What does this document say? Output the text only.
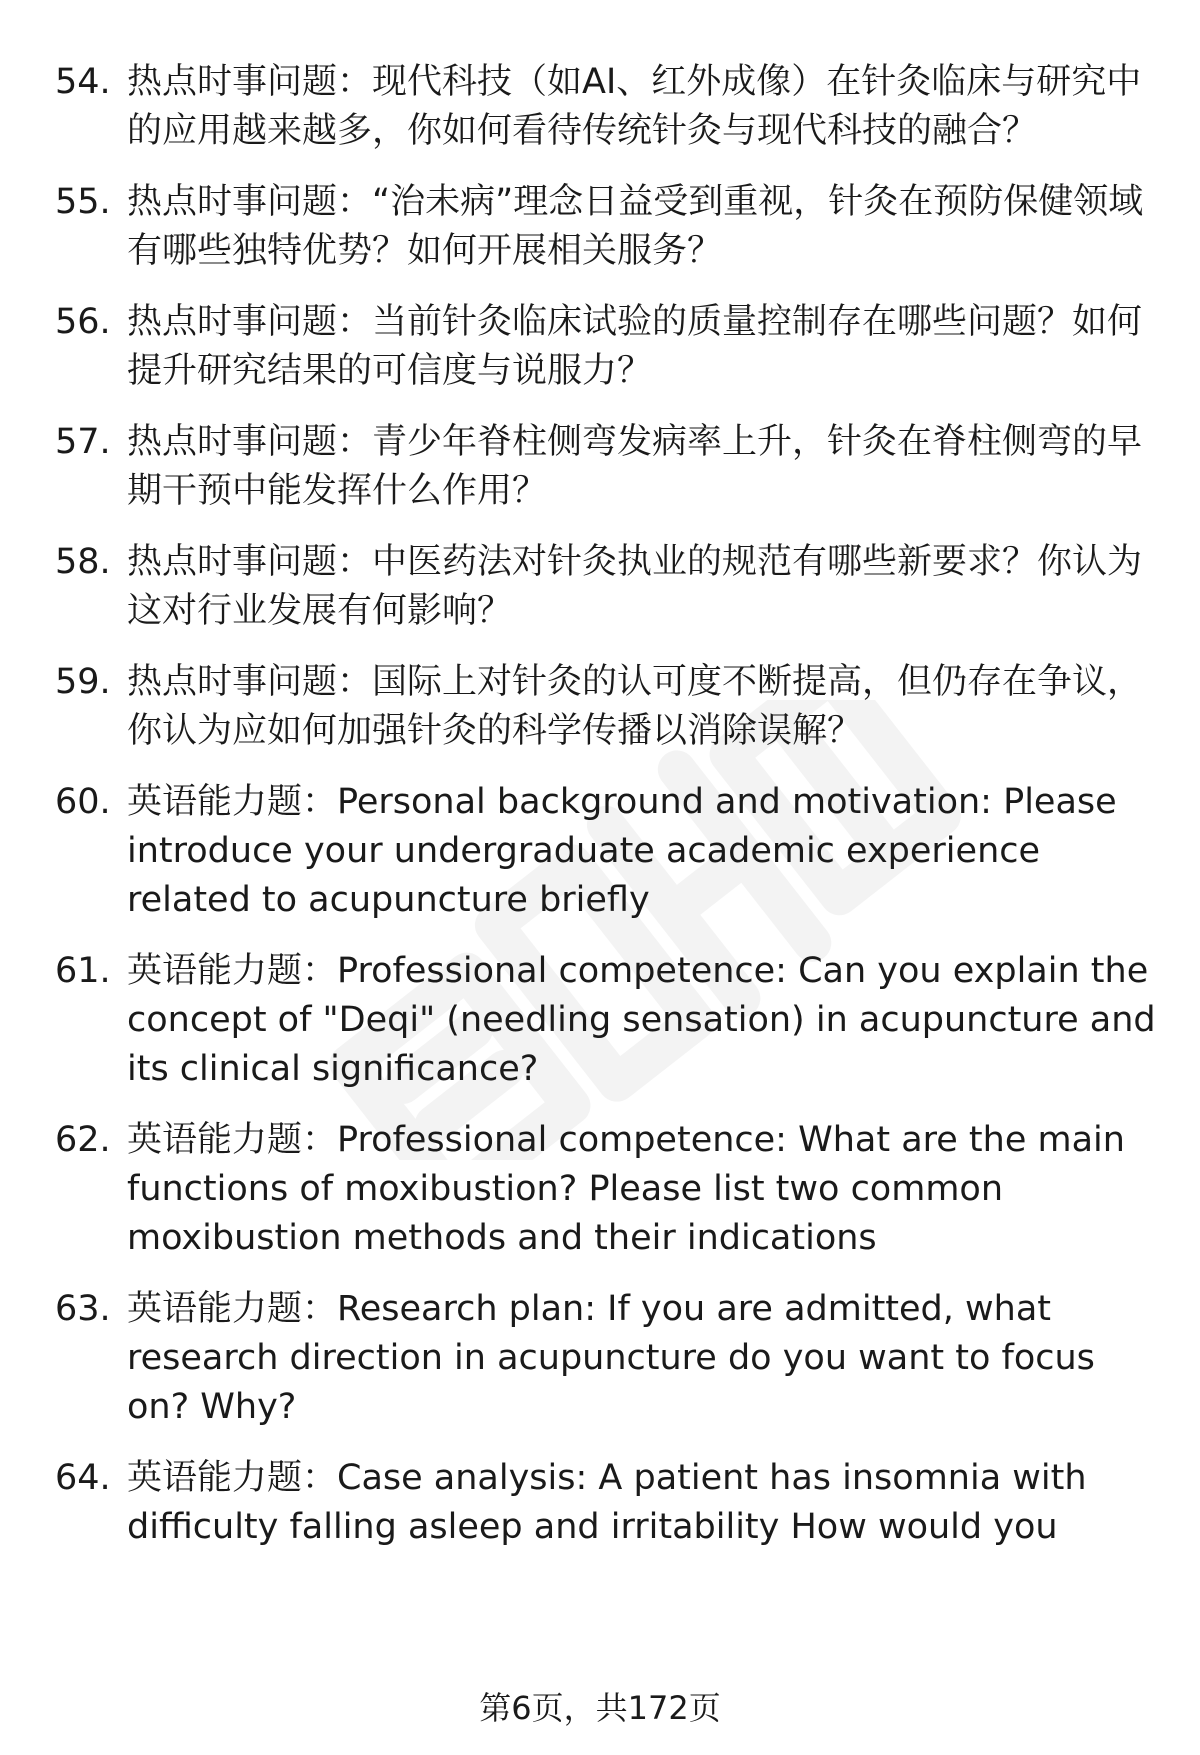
54. 热点时事问题：现代科技（如AI、红外成像）在针灸临床与研究中的应用越来越多，你如何看待传统针灸与现代科技的融合？
55. 热点时事问题：“治未病”理念日益受到重视，针灸在预防保健领域有哪些独特优势？如何开展相关服务？
56. 热点时事问题：当前针灸临床试验的质量控制存在哪些问题？如何提升研究结果的可信度与说服力？
57. 热点时事问题：青少年脊柱侧弯发病率上升，针灸在脊柱侧弯的早期干预中能发挥什么作用？
58. 热点时事问题：中医药法对针灸执业的规范有哪些新要求？你认为这对行业发展有何影响？
59. 热点时事问题：国际上对针灸的认可度不断提高，但仍存在争议，你认为应如何加强针灸的科学传播以消除误解？
60. 英语能力题：Personal background and motivation: Please introduce your undergraduate academic experience related to acupuncture briefly
61. 英语能力题：Professional competence: Can you explain the concept of "Deqi" (needling sensation) in acupuncture and its clinical significance?
62. 英语能力题：Professional competence: What are the main functions of moxibustion? Please list two common moxibustion methods and their indications
63. 英语能力题：Research plan: If you are admitted, what research direction in acupuncture do you want to focus on? Why?
64. 英语能力题：Case analysis: A patient has insomnia with difficulty falling asleep and irritability How would you
第6页，共172页
